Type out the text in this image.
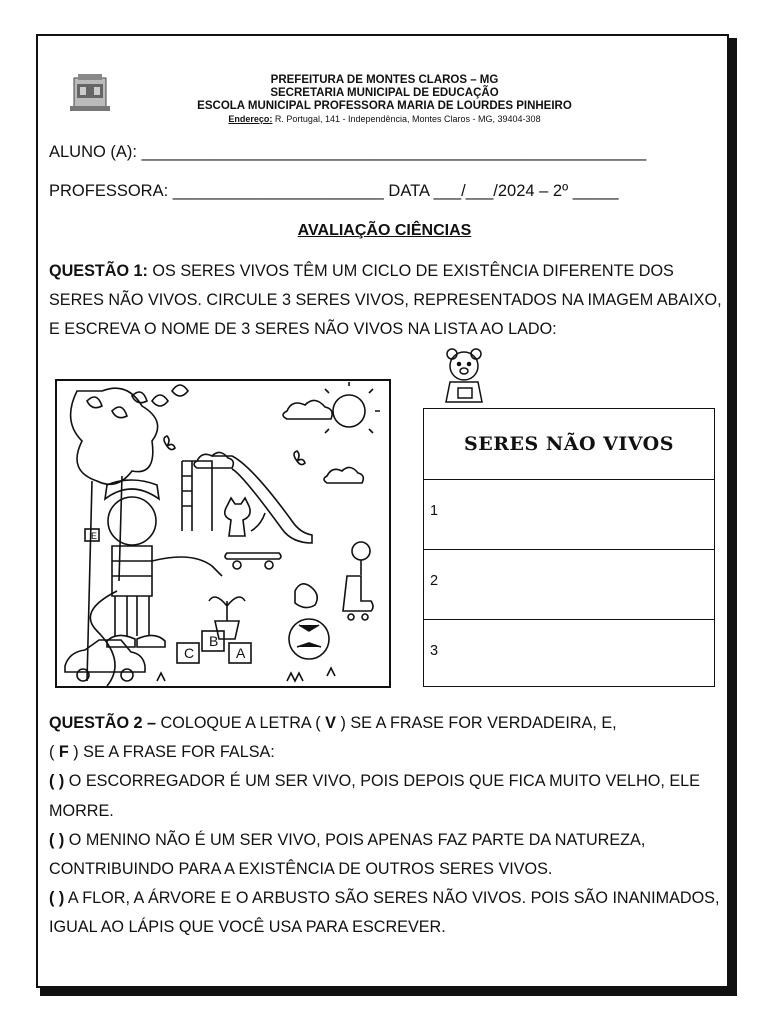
PREFEITURA DE MONTES CLAROS – MG
SECRETARIA MUNICIPAL DE EDUCAÇÃO
ESCOLA MUNICIPAL PROFESSORA MARIA DE LOURDES PINHEIRO
Endereço: R. Portugal, 141 - Independência, Montes Claros - MG, 39404-308
ALUNO (A): _______________________________________________________
PROFESSORA: _______________________ DATA ___/___/2024 – 2º _____
AVALIAÇÃO CIÊNCIAS
QUESTÃO 1: OS SERES VIVOS TÊM UM CICLO DE EXISTÊNCIA DIFERENTE DOS SERES NÃO VIVOS. CIRCULE 3 SERES VIVOS, REPRESENTADOS NA IMAGEM ABAIXO, E ESCREVA O NOME DE 3 SERES NÃO VIVOS NA LISTA AO LADO:
E
C
B
A
SERES NÃO VIVOS
1
2
3
QUESTÃO 2 – COLOQUE A LETRA ( V ) SE A FRASE FOR VERDADEIRA, E,
( F ) SE A FRASE FOR FALSA:
( ) O ESCORREGADOR É UM SER VIVO, POIS DEPOIS QUE FICA MUITO VELHO, ELE MORRE.
( ) O MENINO NÃO É UM SER VIVO, POIS APENAS FAZ PARTE DA NATUREZA, CONTRIBUINDO PARA A EXISTÊNCIA DE OUTROS SERES VIVOS.
( ) A FLOR, A ÁRVORE E O ARBUSTO SÃO SERES NÃO VIVOS. POIS SÃO INANIMADOS, IGUAL AO LÁPIS QUE VOCÊ USA PARA ESCREVER.
